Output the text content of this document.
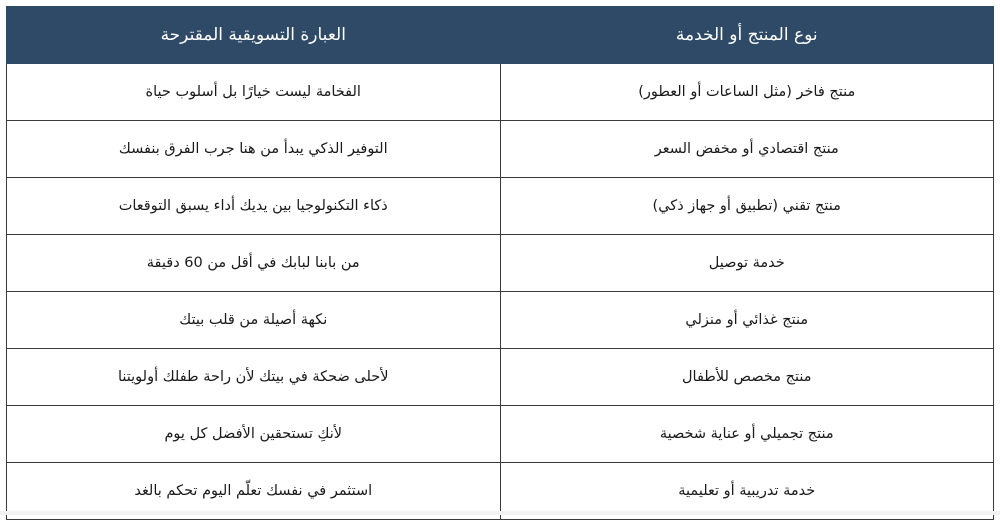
نوع المنتج أو الخدمة	العبارة التسويقية المقترحة
منتج فاخر (مثل الساعات أو العطور)	الفخامة ليست خيارًا بل أسلوب حياة
منتج اقتصادي أو مخفض السعر	التوفير الذكي يبدأ من هنا جرب الفرق بنفسك
منتج تقني (تطبيق أو جهاز ذكي)	ذكاء التكنولوجيا بين يديك أداء يسبق التوقعات
خدمة توصيل	من بابنا لبابك في أقل من 60 دقيقة
منتج غذائي أو منزلي	نكهة أصيلة من قلب بيتك
منتج مخصص للأطفال	لأحلى ضحكة في بيتك لأن راحة طفلك أولويتنا
منتج تجميلي أو عناية شخصية	لأنكِ تستحقين الأفضل كل يوم
خدمة تدريبية أو تعليمية	استثمر في نفسك تعلّم اليوم تحكم بالغد
